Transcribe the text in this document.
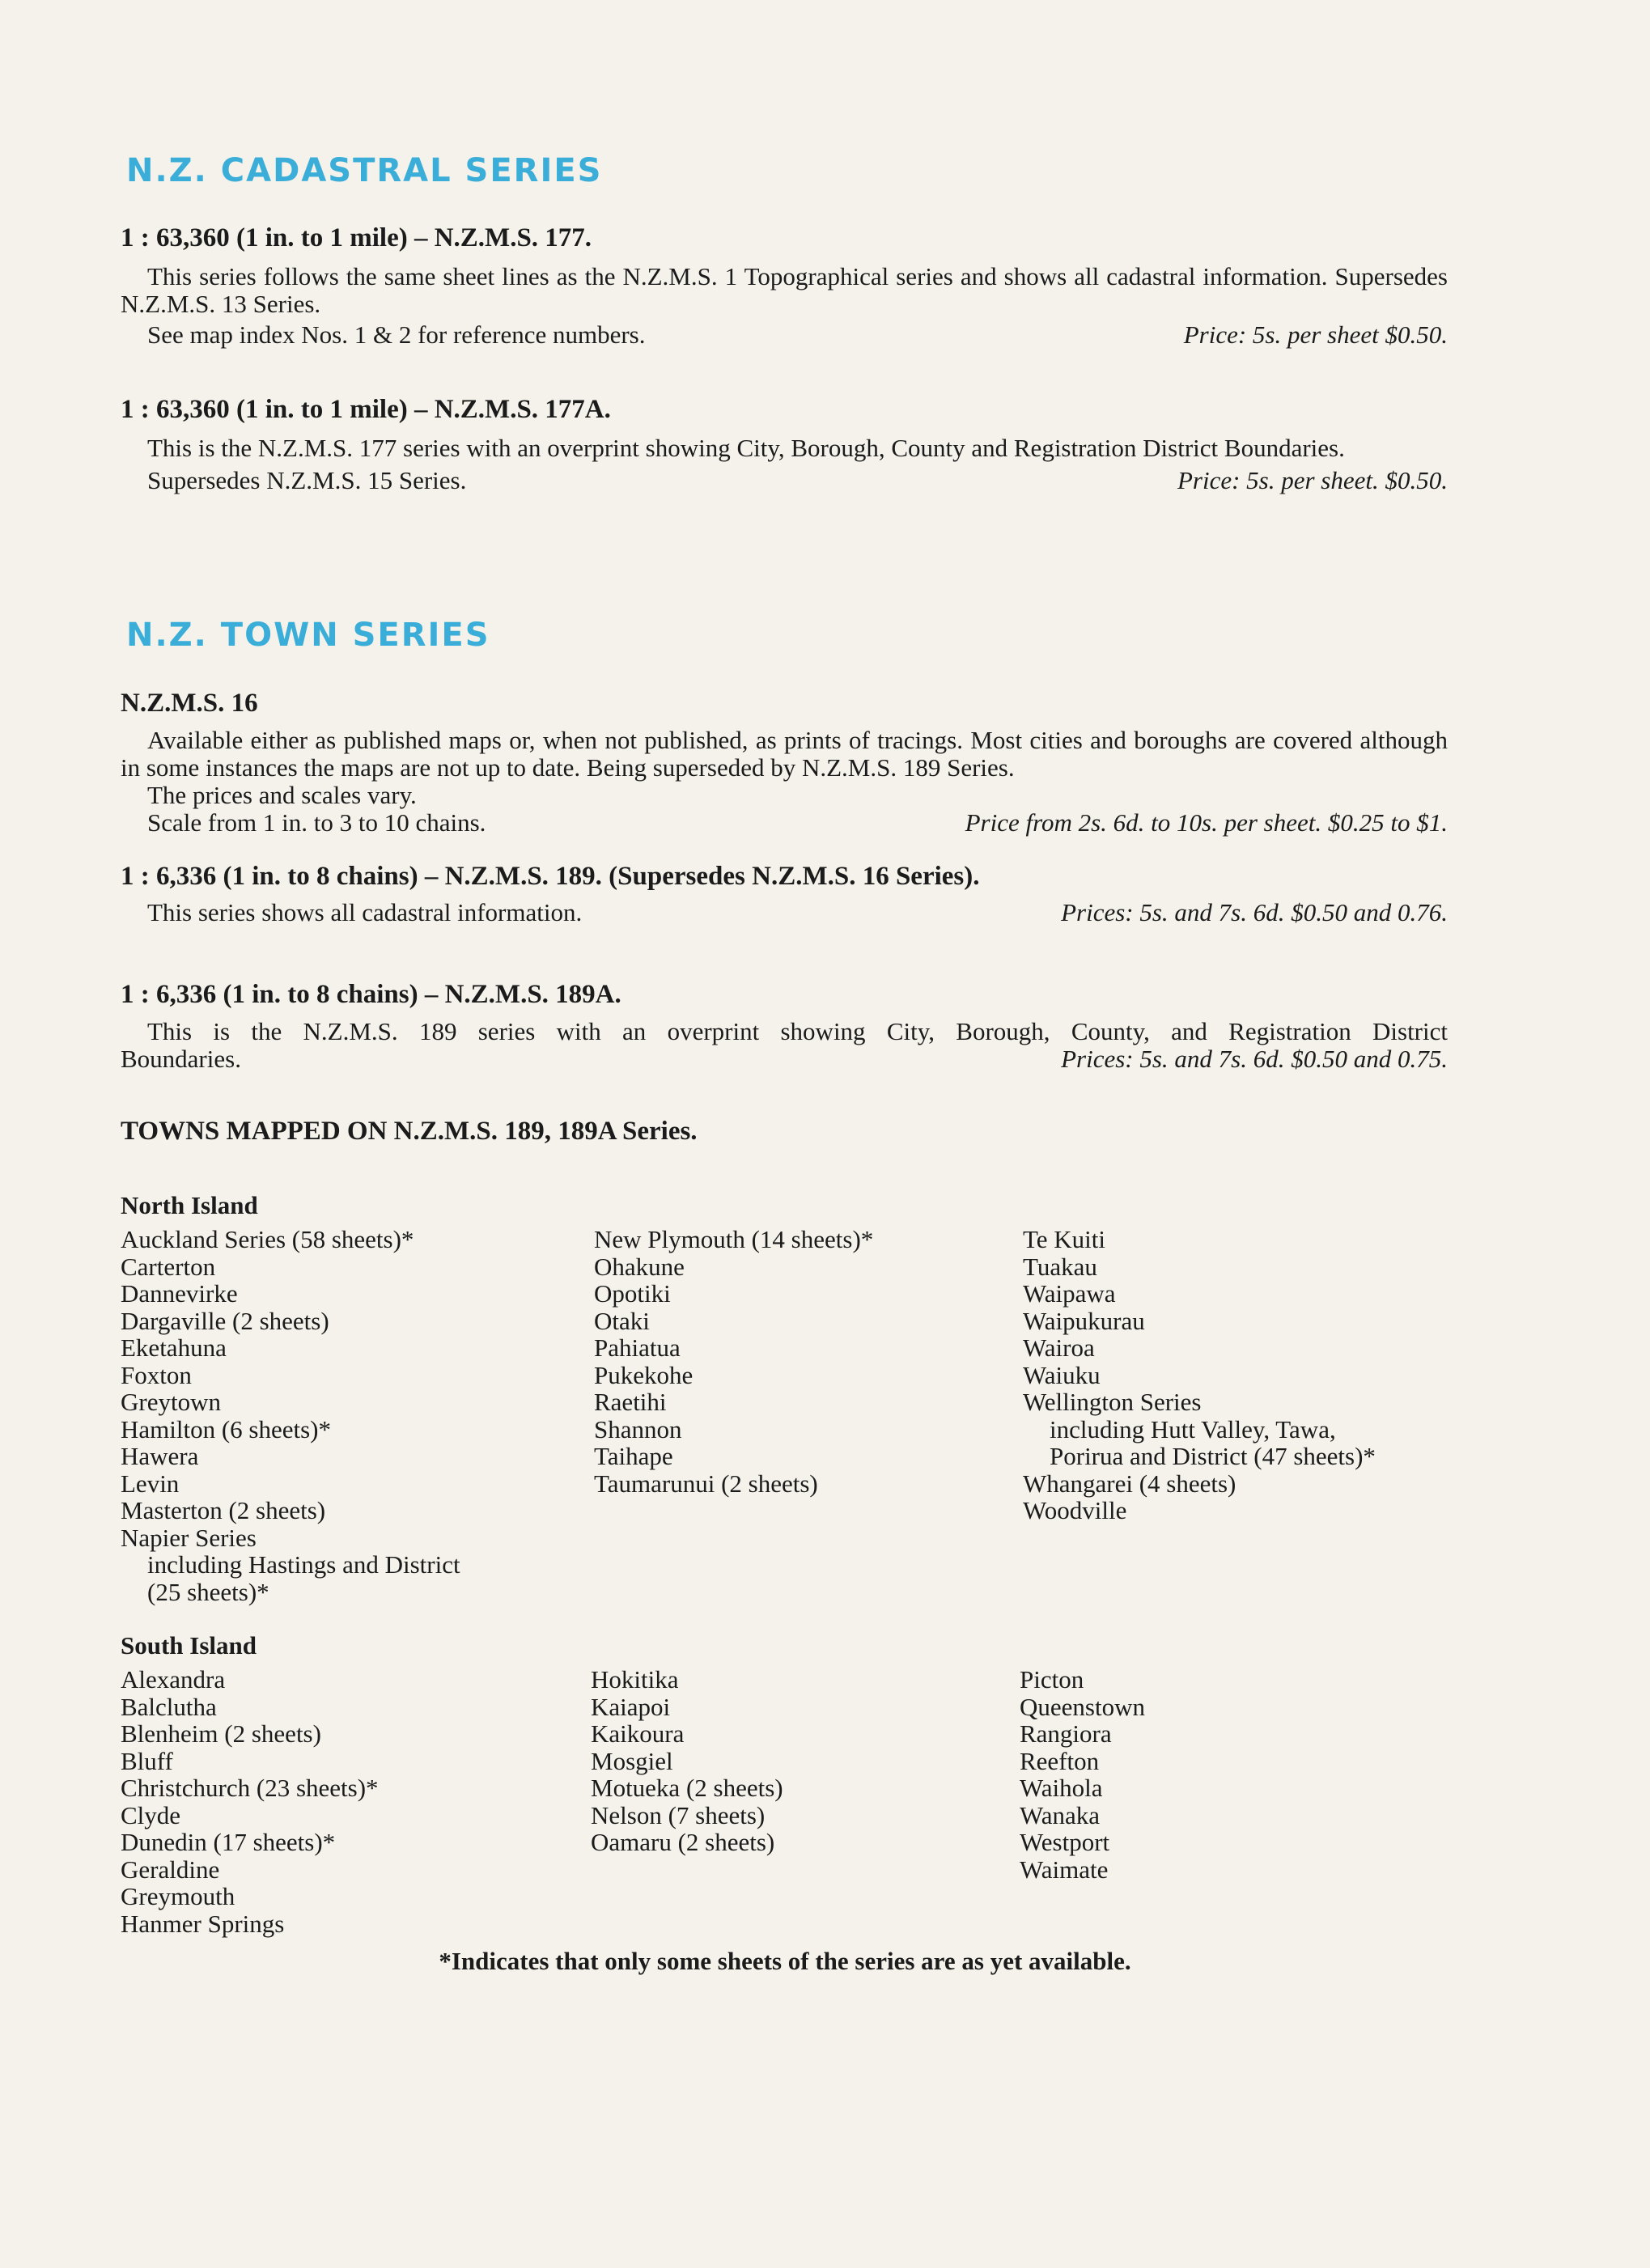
N.Z. CADASTRAL SERIES
1 : 63,360 (1 in. to 1 mile) – N.Z.M.S. 177.
This series follows the same sheet lines as the N.Z.M.S. 1 Topographical series and shows all cadastral information. Supersedes N.Z.M.S. 13 Series.
See map index Nos. 1 & 2 for reference numbers.	Price: 5s. per sheet $0.50.
1 : 63,360 (1 in. to 1 mile) – N.Z.M.S. 177A.
This is the N.Z.M.S. 177 series with an overprint showing City, Borough, County and Registration District Boundaries.
Supersedes N.Z.M.S. 15 Series.	Price: 5s. per sheet. $0.50.
N.Z. TOWN SERIES
N.Z.M.S. 16
Available either as published maps or, when not published, as prints of tracings. Most cities and boroughs are covered although in some instances the maps are not up to date. Being superseded by N.Z.M.S. 189 Series.
The prices and scales vary.
Scale from 1 in. to 3 to 10 chains.	Price from 2s. 6d. to 10s. per sheet. $0.25 to $1.
1 : 6,336 (1 in. to 8 chains) – N.Z.M.S. 189. (Supersedes N.Z.M.S. 16 Series).
This series shows all cadastral information.	Prices: 5s. and 7s. 6d. $0.50 and 0.76.
1 : 6,336 (1 in. to 8 chains) – N.Z.M.S. 189A.
This is the N.Z.M.S. 189 series with an overprint showing City, Borough, County, and Registration District
Boundaries.	Prices: 5s. and 7s. 6d. $0.50 and 0.75.
TOWNS MAPPED ON N.Z.M.S. 189, 189A Series.
North Island
Auckland Series (58 sheets)*
Carterton
Dannevirke
Dargaville (2 sheets)
Eketahuna
Foxton
Greytown
Hamilton (6 sheets)*
Hawera
Levin
Masterton (2 sheets)
Napier Series
including Hastings and District
(25 sheets)*
New Plymouth (14 sheets)*
Ohakune
Opotiki
Otaki
Pahiatua
Pukekohe
Raetihi
Shannon
Taihape
Taumarunui (2 sheets)
Te Kuiti
Tuakau
Waipawa
Waipukurau
Wairoa
Waiuku
Wellington Series
including Hutt Valley, Tawa,
Porirua and District (47 sheets)*
Whangarei (4 sheets)
Woodville
South Island
Alexandra
Balclutha
Blenheim (2 sheets)
Bluff
Christchurch (23 sheets)*
Clyde
Dunedin (17 sheets)*
Geraldine
Greymouth
Hanmer Springs
Hokitika
Kaiapoi
Kaikoura
Mosgiel
Motueka (2 sheets)
Nelson (7 sheets)
Oamaru (2 sheets)
Picton
Queenstown
Rangiora
Reefton
Waihola
Wanaka
Westport
Waimate
*Indicates that only some sheets of the series are as yet available.
